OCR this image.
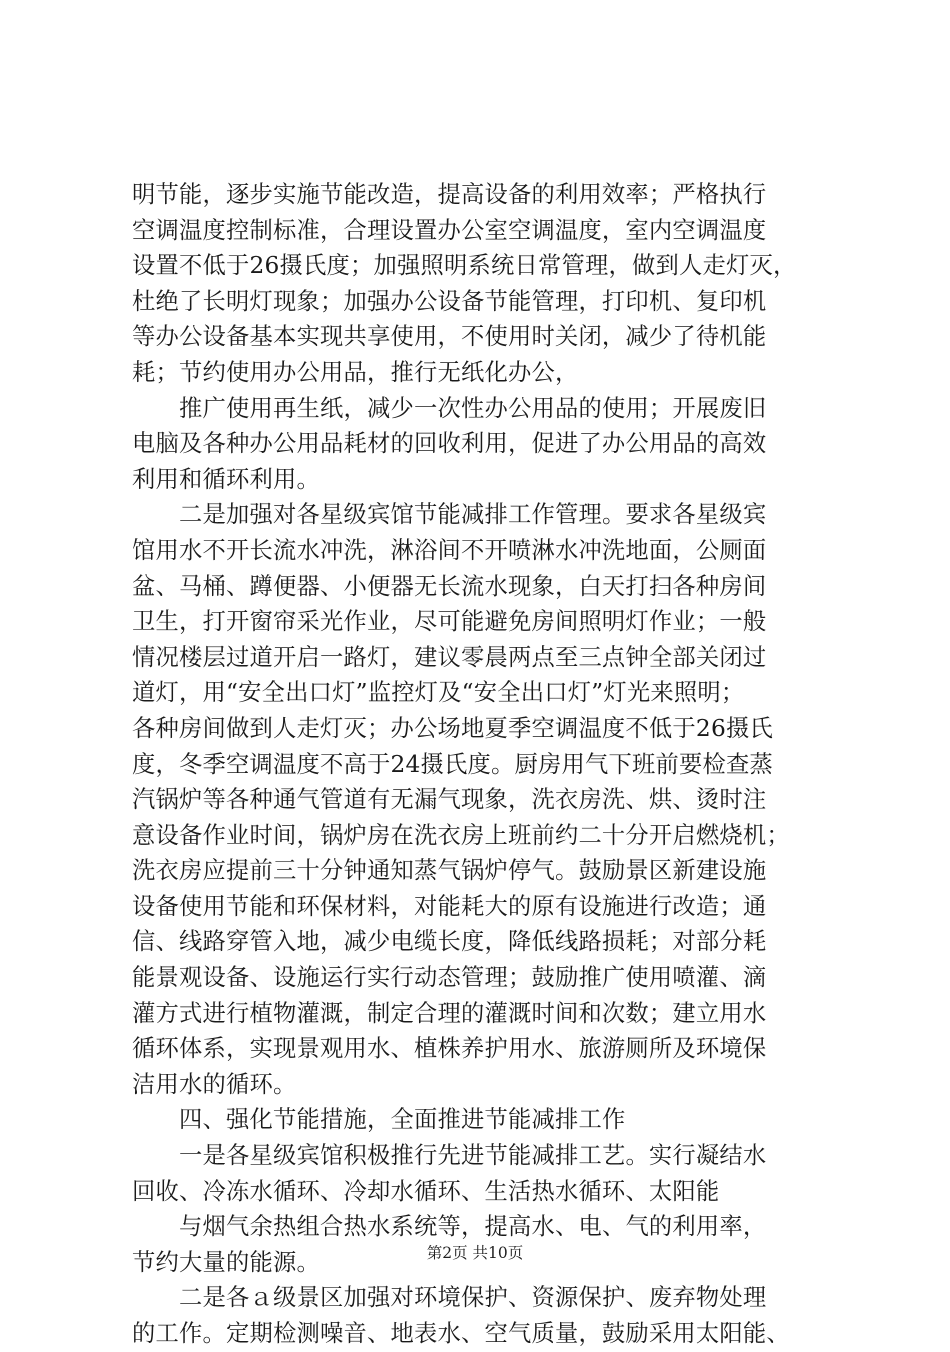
明节能，逐步实施节能改造，提高设备的利用效率；严格执行
空调温度控制标准，合理设置办公室空调温度，室内空调温度
设置不低于26摄氏度；加强照明系统日常管理，做到人走灯灭，
杜绝了长明灯现象；加强办公设备节能管理，打印机、复印机
等办公设备基本实现共享使用，不使用时关闭，减少了待机能
耗；节约使用办公用品，推行无纸化办公，
推广使用再生纸，减少一次性办公用品的使用；开展废旧
电脑及各种办公用品耗材的回收利用，促进了办公用品的高效
利用和循环利用。
二是加强对各星级宾馆节能减排工作管理。要求各星级宾
馆用水不开长流水冲洗，淋浴间不开喷淋水冲洗地面，公厕面
盆、马桶、蹲便器、小便器无长流水现象，白天打扫各种房间
卫生，打开窗帘采光作业，尽可能避免房间照明灯作业；一般
情况楼层过道开启一路灯，建议零晨两点至三点钟全部关闭过
道灯，用“安全出口灯”监控灯及“安全出口灯”灯光来照明；
各种房间做到人走灯灭；办公场地夏季空调温度不低于26摄氏
度，冬季空调温度不高于24摄氏度。厨房用气下班前要检查蒸
汽锅炉等各种通气管道有无漏气现象，洗衣房洗、烘、烫时注
意设备作业时间，锅炉房在洗衣房上班前约二十分开启燃烧机；
洗衣房应提前三十分钟通知蒸气锅炉停气。鼓励景区新建设施
设备使用节能和环保材料，对能耗大的原有设施进行改造；通
信、线路穿管入地，减少电缆长度，降低线路损耗；对部分耗
能景观设备、设施运行实行动态管理；鼓励推广使用喷灌、滴
灌方式进行植物灌溉，制定合理的灌溉时间和次数；建立用水
循环体系，实现景观用水、植株养护用水、旅游厕所及环境保
洁用水的循环。
四、强化节能措施，全面推进节能减排工作
一是各星级宾馆积极推行先进节能减排工艺。实行凝结水
回收、冷冻水循环、冷却水循环、生活热水循环、太阳能
与烟气余热组合热水系统等，提高水、电、气的利用率，
节约大量的能源。
二是各ａ级景区加强对环境保护、资源保护、废弃物处理
的工作。定期检测噪音、地表水、空气质量，鼓励采用太阳能、
第2页 共10页
